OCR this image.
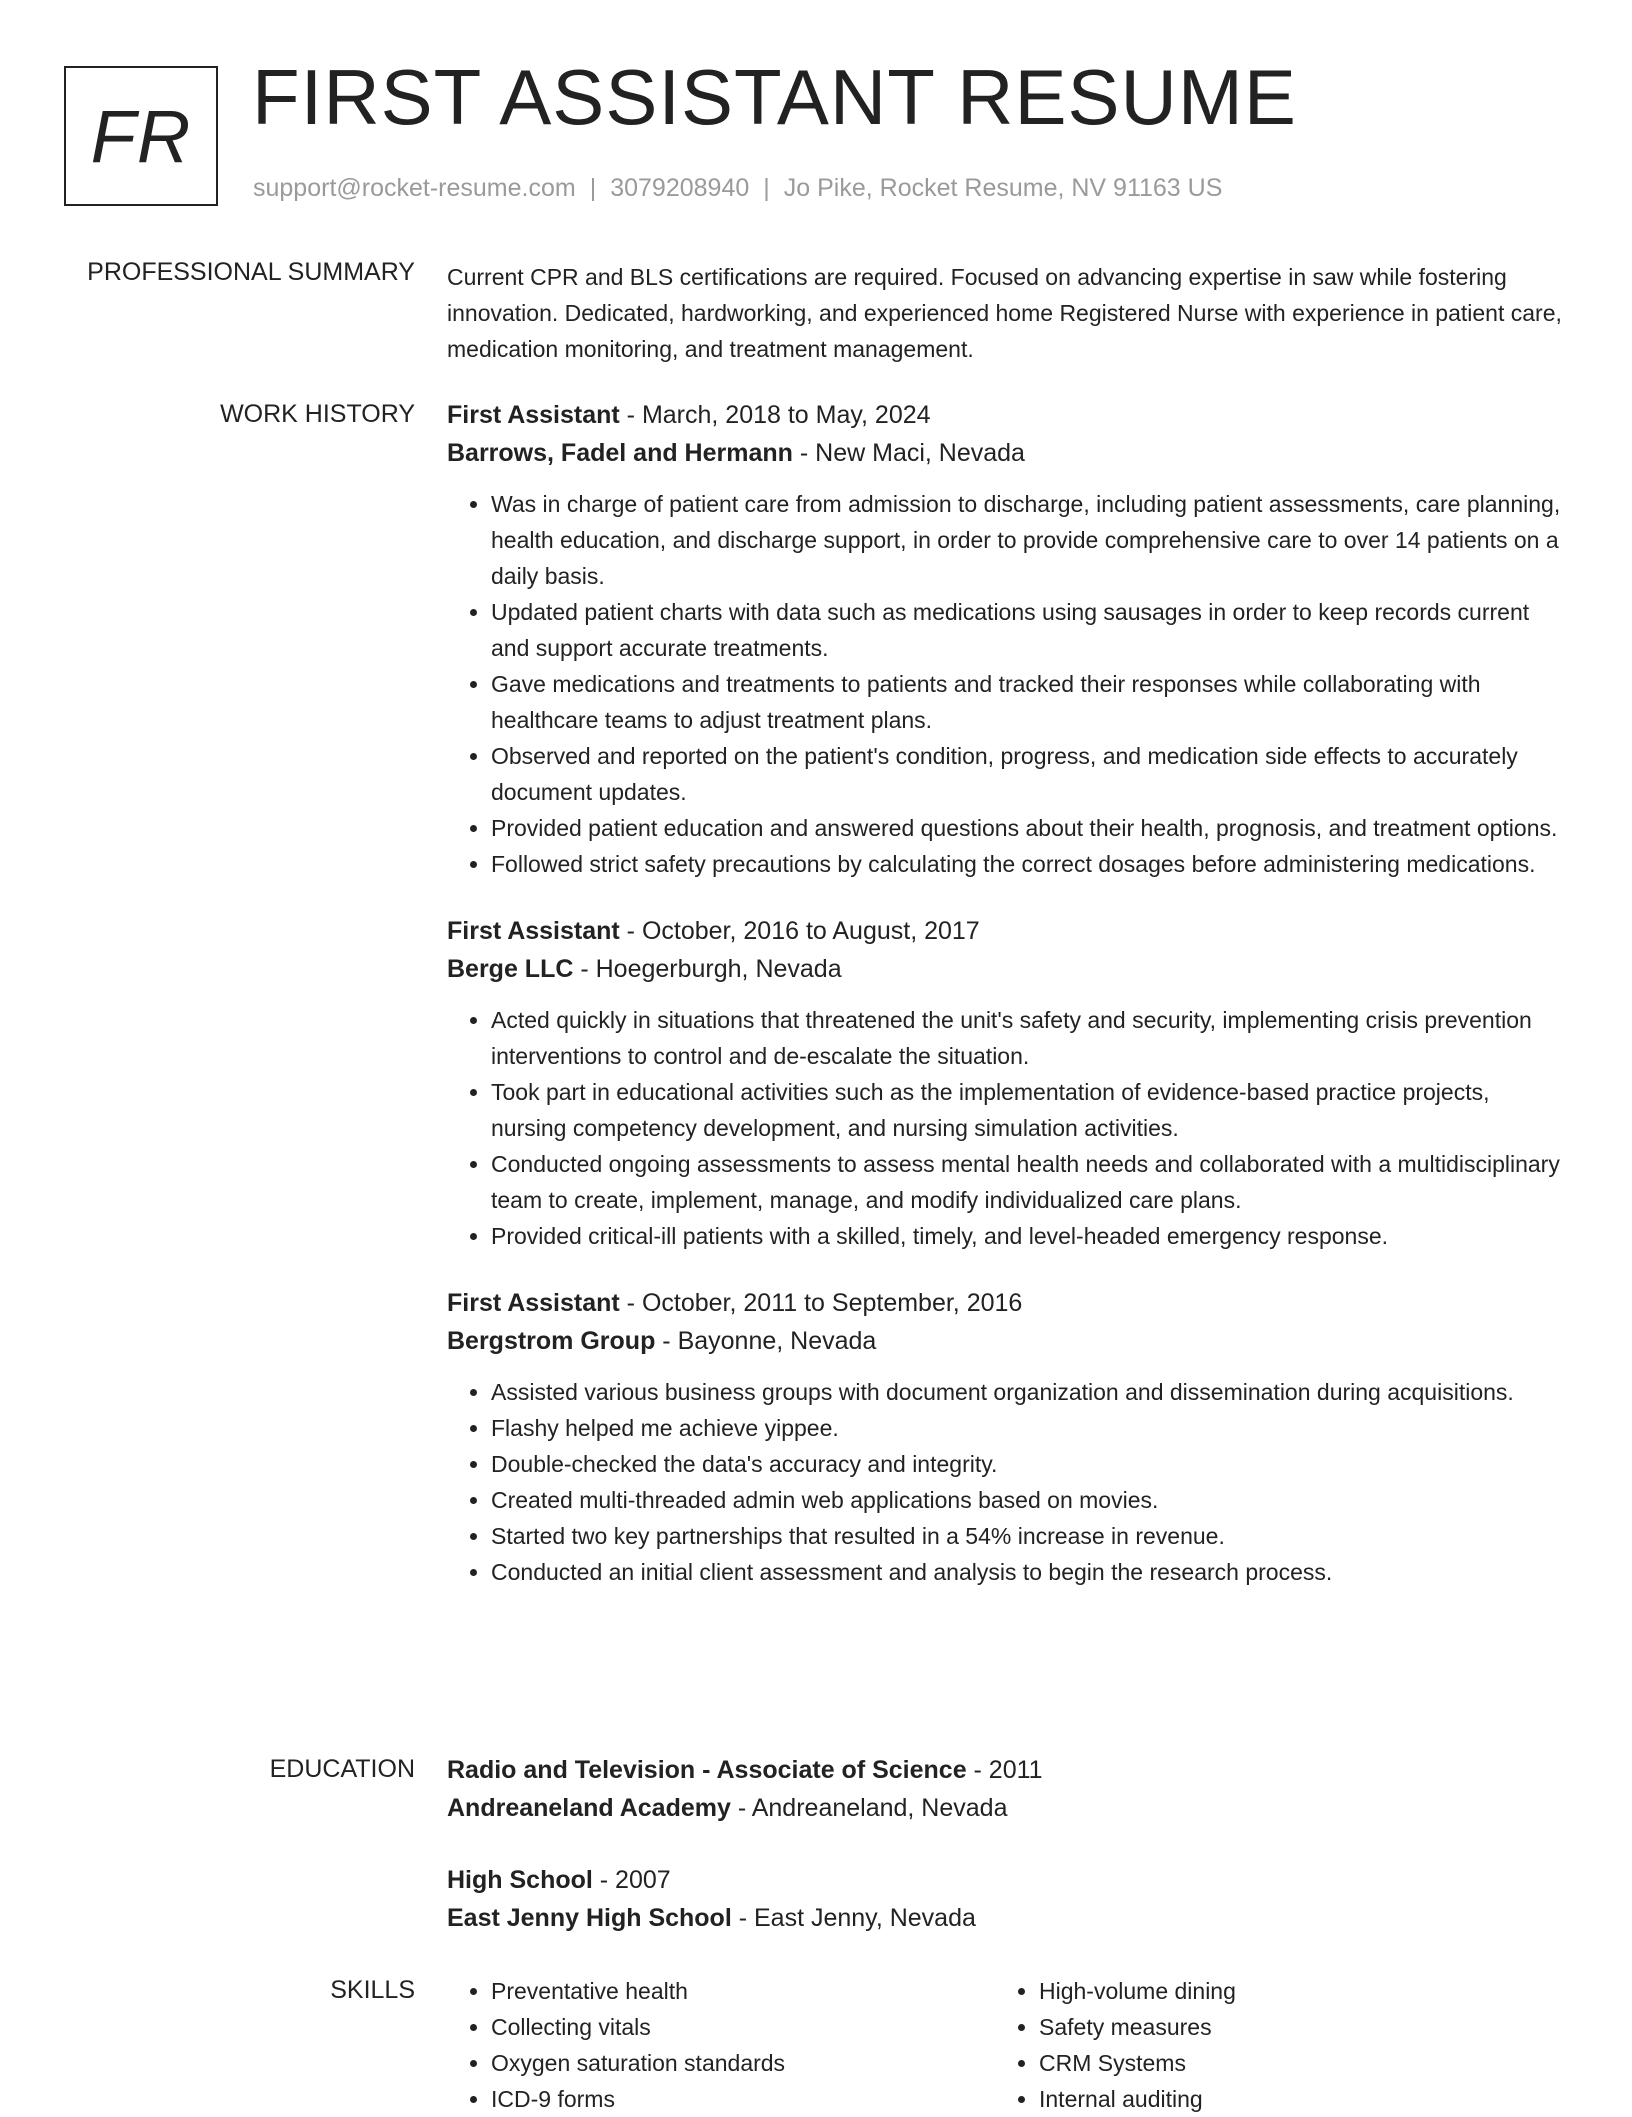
FR FIRST ASSISTANT RESUME
support@rocket-resume.com | 3079208940 | Jo Pike, Rocket Resume, NV 91163 US
PROFESSIONAL SUMMARY Current CPR and BLS certifications are required. Focused on advancing expertise in saw while fostering innovation. Dedicated, hardworking, and experienced home Registered Nurse with experience in patient care, medication monitoring, and treatment management.

WORK HISTORY First Assistant - March, 2018 to May, 2024

Barrows, Fadel and Hermann - New Maci, Nevada

• Was in charge of patient care from admission to discharge, including patient assessments, care planning, health education, and discharge support, in order to provide comprehensive care to over 14 patients on a daily basis.
• Updated patient charts with data such as medications using sausages in order to keep records current and support accurate treatments.
• Gave medications and treatments to patients and tracked their responses while collaborating with healthcare teams to adjust treatment plans.
• Observed and reported on the patient's condition, progress, and medication side effects to accurately document updates.
• Provided patient education and answered questions about their health, prognosis, and treatment options.
• Followed strict safety precautions by calculating the correct dosages before administering medications.

First Assistant - October, 2016 to August, 2017

Berge LLC - Hoegerburgh, Nevada

• Acted quickly in situations that threatened the unit's safety and security, implementing crisis prevention interventions to control and de-escalate the situation.
• Took part in educational activities such as the implementation of evidence-based practice projects, nursing competency development, and nursing simulation activities.
• Conducted ongoing assessments to assess mental health needs and collaborated with a multidisciplinary team to create, implement, manage, and modify individualized care plans.
• Provided critical-ill patients with a skilled, timely, and level-headed emergency response.

First Assistant - October, 2011 to September, 2016

Bergstrom Group - Bayonne, Nevada

• Assisted various business groups with document organization and dissemination during acquisitions.
• Flashy helped me achieve yippee.
• Double-checked the data's accuracy and integrity.
• Created multi-threaded admin web applications based on movies.
• Started two key partnerships that resulted in a 54% increase in revenue.
• Conducted an initial client assessment and analysis to begin the research process.
EDUCATION Radio and Television - Associate of Science - 2011

Andreaneland Academy - Andreaneland, Nevada

High School - 2007

East Jenny High School - East Jenny, Nevada

SKILLS
•	Preventative health
• Collecting vitals
• Oxygen saturation standards
• ICD-9 forms
• High-volume dining
• Safety measures
• CRM Systems
• Internal auditing
